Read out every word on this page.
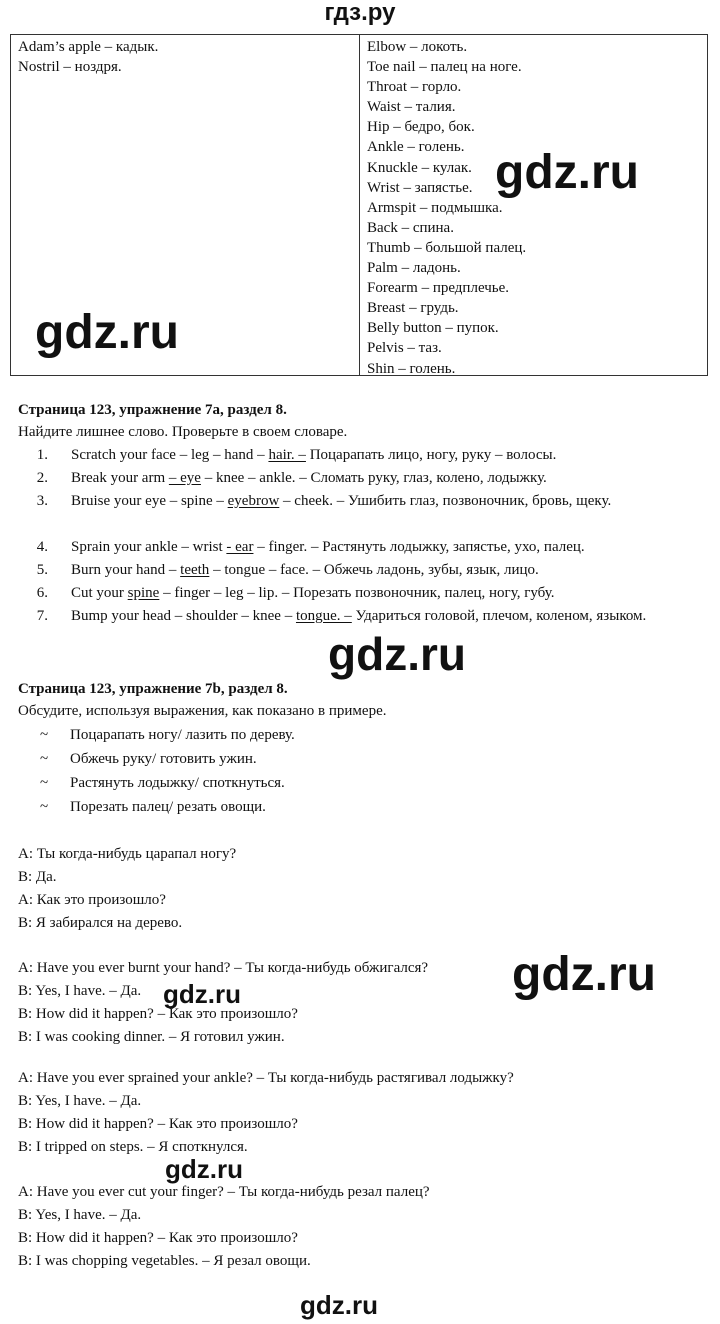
гдз.ру
Adam’s apple – кадык.
Nostril – ноздря.
Elbow – локоть.
Toe nail – палец на ноге.
Throat – горло.
Waist – талия.
Hip – бедро, бок.
Ankle – голень.
Knuckle – кулак.
Wrist – запястье.
Armspit – подмышка.
Back – спина.
Thumb – большой палец.
Palm – ладонь.
Forearm – предплечье.
Breast – грудь.
Belly button – пупок.
Pelvis – таз.
Shin – голень.
Страница 123, упражнение 7а, раздел 8.
Найдите лишнее слово. Проверьте в своем словаре.
1.	Scratch your face – leg – hand – hair. – Поцарапать лицо, ногу, руку – волосы.
2.	Break your arm – eye – knee – ankle. – Сломать руку, глаз, колено, лодыжку.
3.	Bruise your eye – spine – eyebrow – cheek. – Ушибить глаз, позвоночник, бровь, щеку.
4.	Sprain your ankle – wrist - ear – finger. – Растянуть лодыжку, запястье, ухо, палец.
5.	Burn your hand – teeth – tongue – face. – Обжечь ладонь, зубы, язык, лицо.
6.	Cut your spine – finger – leg – lip. – Порезать позвоночник, палец, ногу, губу.
7.	Bump your head – shoulder – knee – tongue. – Удариться головой, плечом, коленом, языком.
Страница 123, упражнение 7b, раздел 8.
Обсудите, используя выражения, как показано в примере.
~	Поцарапать ногу/ лазить по дереву.
~	Обжечь руку/ готовить ужин.
~	Растянуть лодыжку/ споткнуться.
~	Порезать палец/ резать овощи.
A: Ты когда-нибудь царапал ногу?
B: Да.
A: Как это произошло?
B: Я забирался на дерево.
A: Have you ever burnt your hand? – Ты когда-нибудь обжигался?
B: Yes, I have. – Да.
B: How did it happen? – Как это произошло?
B: I was cooking dinner. – Я готовил ужин.
A: Have you ever sprained your ankle? – Ты когда-нибудь растягивал лодыжку?
B: Yes, I have. – Да.
B: How did it happen? – Как это произошло?
B: I tripped on steps. – Я споткнулся.
A: Have you ever cut your finger? – Ты когда-нибудь резал палец?
B: Yes, I have. – Да.
B: How did it happen? – Как это произошло?
B: I was chopping vegetables. – Я резал овощи.
gdz.ru
gdz.ru
gdz.ru
gdz.ru
gdz.ru
gdz.ru
gdz.ru
